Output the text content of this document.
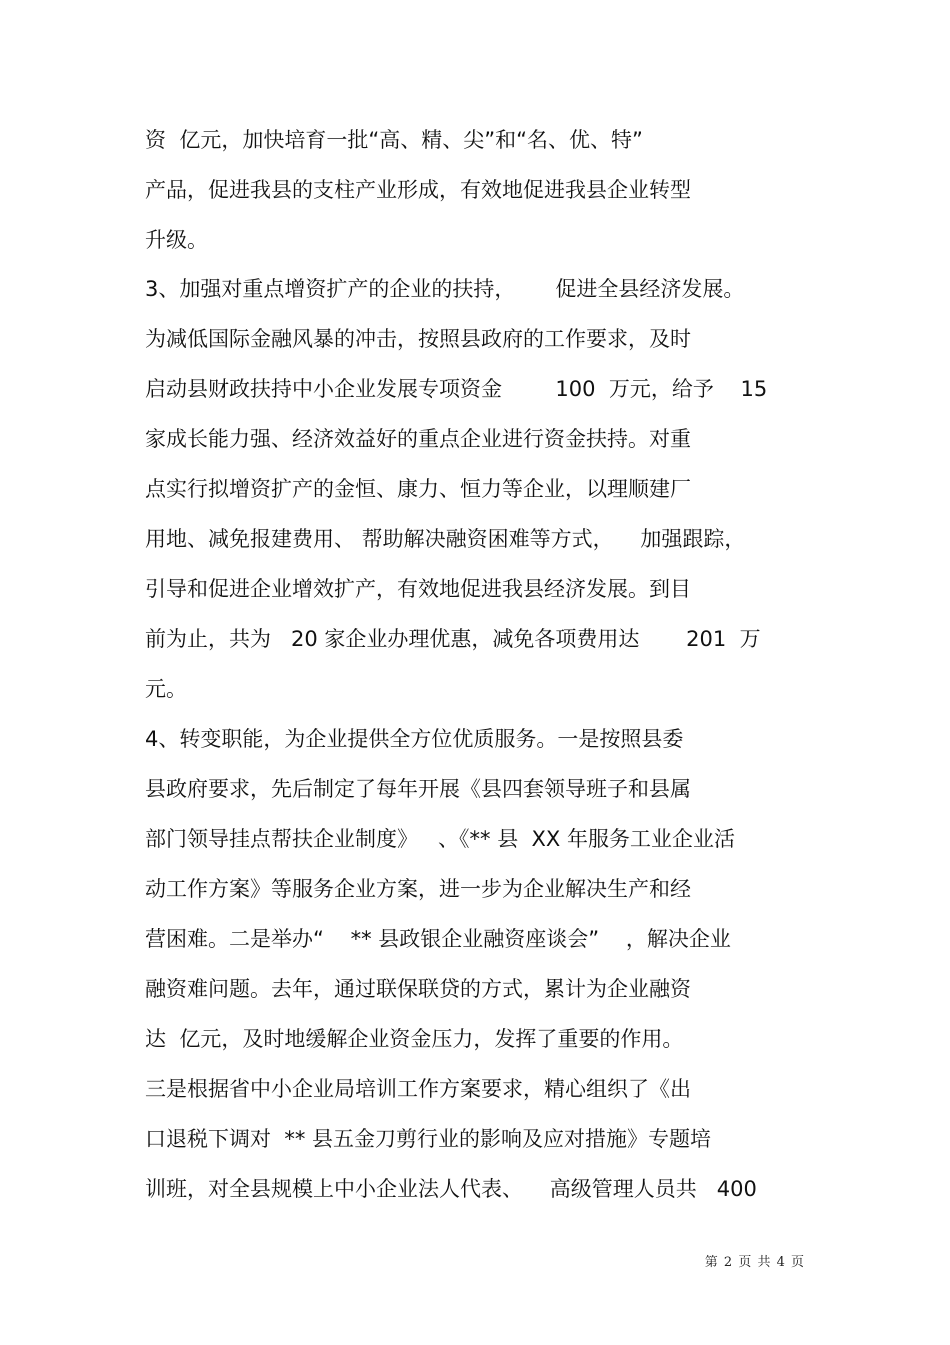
资  亿元，加快培育一批“高、精、尖”和“名、优、特”
产品，促进我县的支柱产业形成，有效地促进我县企业转型
升级。
3、加强对重点增资扩产的企业的扶持，      促进全县经济发展。
为减低国际金融风暴的冲击，按照县政府的工作要求，及时
启动县财政扶持中小企业发展专项资金        100  万元，给予    15
家成长能力强、经济效益好的重点企业进行资金扶持。对重
点实行拟增资扩产的金恒、康力、恒力等企业，以理顺建厂
用地、减免报建费用、 帮助解决融资困难等方式，    加强跟踪，
引导和促进企业增效扩产，有效地促进我县经济发展。到目
前为止，共为   20 家企业办理优惠，减免各项费用达       201  万
元。
4、转变职能，为企业提供全方位优质服务。一是按照县委
县政府要求，先后制定了每年开展《县四套领导班子和县属
部门领导挂点帮扶企业制度》   、《** 县  XX 年服务工业企业活
动工作方案》等服务企业方案，进一步为企业解决生产和经
营困难。二是举办“    ** 县政银企业融资座谈会”    ，解决企业
融资难问题。去年，通过联保联贷的方式，累计为企业融资
达  亿元，及时地缓解企业资金压力，发挥了重要的作用。
三是根据省中小企业局培训工作方案要求，精心组织了《出
口退税下调对  ** 县五金刀剪行业的影响及应对措施》专题培
训班，对全县规模上中小企业法人代表、    高级管理人员共   400
第 2 页 共 4 页
